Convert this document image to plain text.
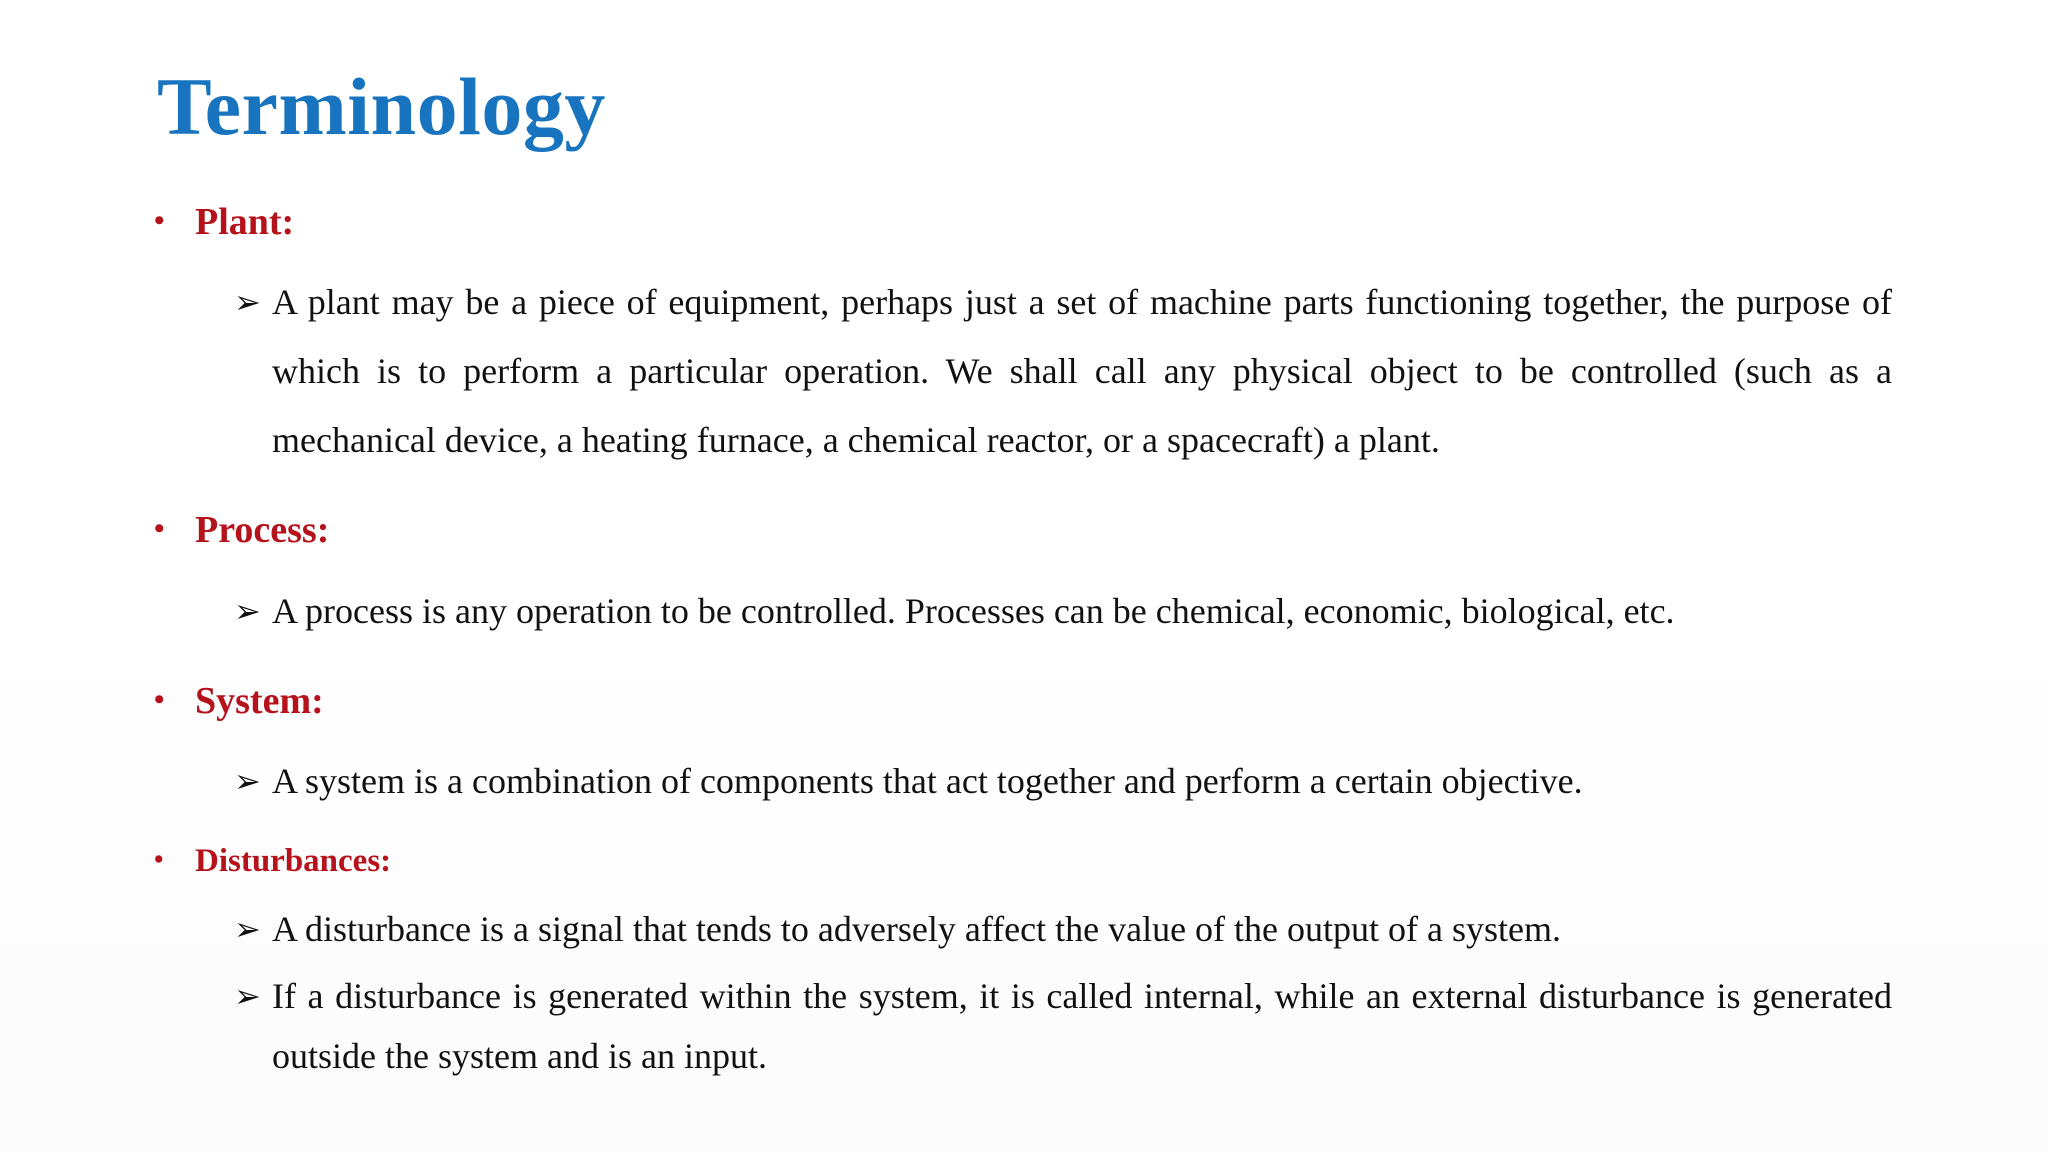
Terminology
• Plant:
➢ A plant may be a piece of equipment, perhaps just a set of machine parts functioning together, the purpose of which is to perform a particular operation. We shall call any physical object to be controlled (such as a mechanical device, a heating furnace, a chemical reactor, or a spacecraft) a plant.
• Process:
➢ A process is any operation to be controlled. Processes can be chemical, economic, biological, etc.
• System:
➢ A system is a combination of components that act together and perform a certain objective.
• Disturbances:
➢ A disturbance is a signal that tends to adversely affect the value of the output of a system.
➢ If a disturbance is generated within the system, it is called internal, while an external disturbance is generated outside the system and is an input.
